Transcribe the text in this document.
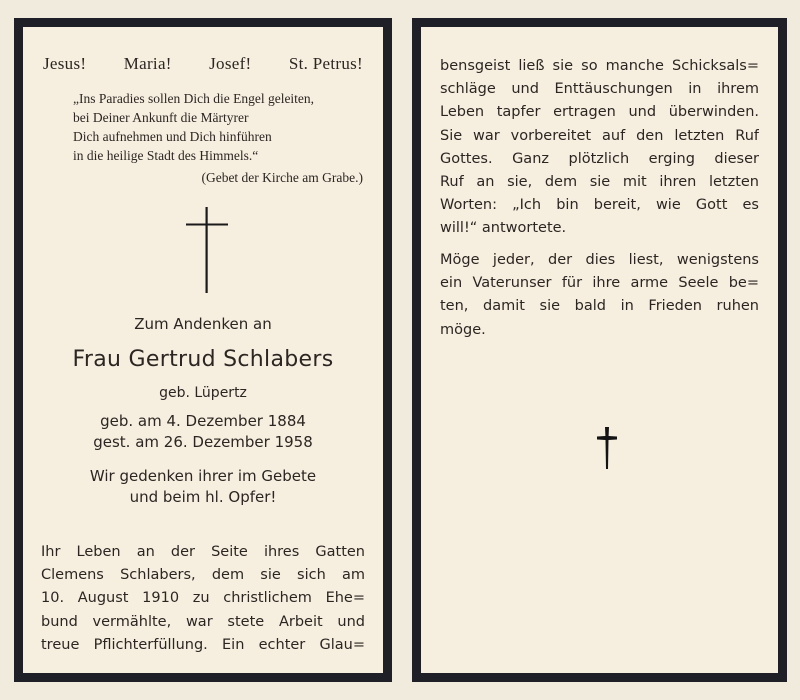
Jesus! Maria! Josef! St. Petrus!
„Ins Paradies sollen Dich die Engel geleiten,
bei Deiner Ankunft die Märtyrer
Dich aufnehmen und Dich hinführen
in die heilige Stadt des Himmels.“
(Gebet der Kirche am Grabe.)
Zum Andenken an
Frau Gertrud Schlabers
geb. Lüpertz
geb. am 4. Dezember 1884
gest. am 26. Dezember 1958
Wir gedenken ihrer im Gebete
und beim hl. Opfer!
Ihr Leben an der Seite ihres Gatten
Clemens Schlabers, dem sie sich am
10. August 1910 zu christlichem Ehe=
bund vermählte, war stete Arbeit und
treue Pflichterfüllung. Ein echter Glau=
bensgeist ließ sie so manche Schicksals=
schläge und Enttäuschungen in ihrem
Leben tapfer ertragen und überwinden.
Sie war vorbereitet auf den letzten Ruf
Gottes. Ganz plötzlich erging dieser
Ruf an sie, dem sie mit ihren letzten
Worten: „Ich bin bereit, wie Gott es
will!“ antwortete.
Möge jeder, der dies liest, wenigstens
ein Vaterunser für ihre arme Seele be=
ten, damit sie bald in Frieden ruhen
möge.
